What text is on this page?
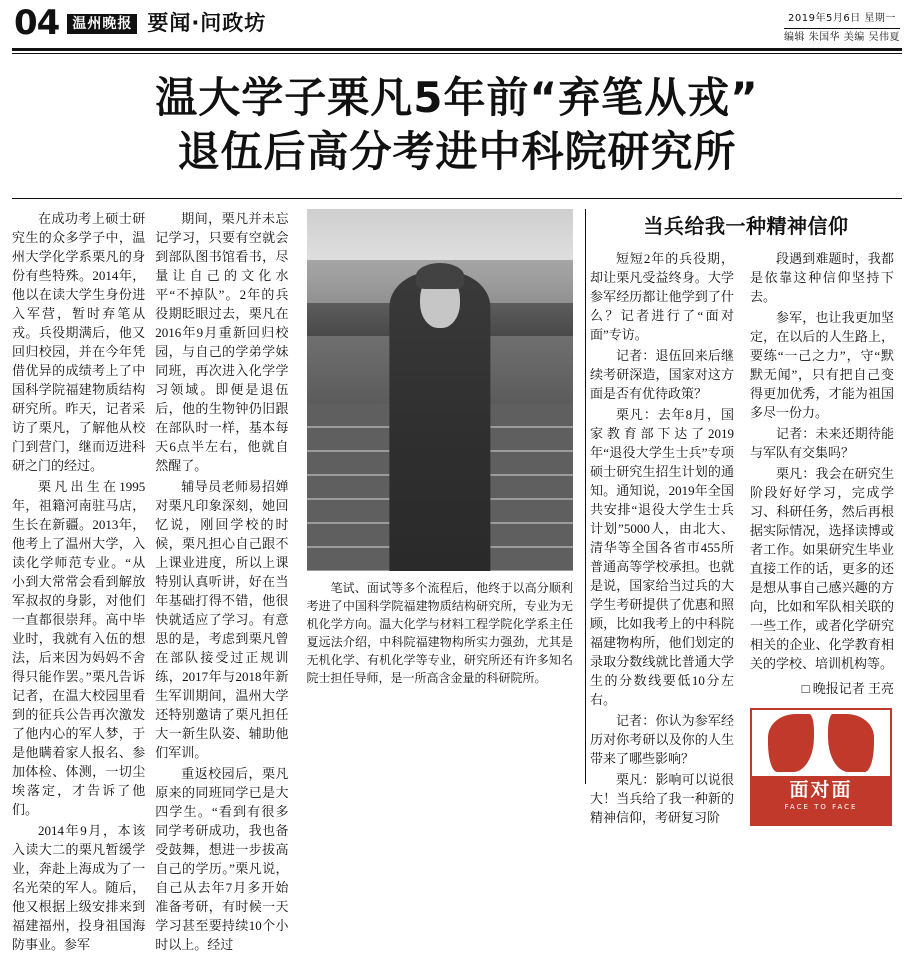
04 温州晚报 要闻·问政坊	2019年5月6日 星期一
编辑 朱国华 美编 吴伟夏
温大学子栗凡5年前“弃笔从戎”
退伍后高分考进中科院研究所

在成功考上硕士研究生的众多学子中，温州大学化学系栗凡的身份有些特殊。2014年，他以在读大学生身份进入军营，暂时弃笔从戎。兵役期满后，他又回归校园，并在今年凭借优异的成绩考上了中国科学院福建物质结构研究所。昨天，记者采访了栗凡，了解他从校门到营门，继而迈进科研之门的经过。

栗凡出生在1995年，祖籍河南驻马店，生长在新疆。2013年，他考上了温州大学，入读化学师范专业。“从小到大常常会看到解放军叔叔的身影，对他们一直都很崇拜。高中毕业时，我就有入伍的想法，后来因为妈妈不舍得只能作罢。”栗凡告诉记者，在温大校园里看到的征兵公告再次激发了他内心的军人梦，于是他瞒着家人报名、参加体检、体测，一切尘埃落定，才告诉了他们。

2014年9月，本该入读大二的栗凡暂缓学业，奔赴上海成为了一名光荣的军人。随后，他又根据上级安排来到福建福州，投身祖国海防事业。参军

期间，栗凡并未忘记学习，只要有空就会到部队图书馆看书，尽量让自己的文化水平“不掉队”。2年的兵役期眨眼过去，栗凡在2016年9月重新回归校园，与自己的学弟学妹同班，再次进入化学学习领域。即便是退伍后，他的生物钟仍旧跟在部队时一样，基本每天6点半左右，他就自然醒了。

辅导员老师易招婵对栗凡印象深刻，她回忆说，刚回学校的时候，栗凡担心自己跟不上课业进度，所以上课特别认真听讲，好在当年基础打得不错，他很快就适应了学习。有意思的是，考虑到栗凡曾在部队接受过正规训练，2017年与2018年新生军训期间，温州大学还特别邀请了栗凡担任大一新生队姿、辅助他们军训。

重返校园后，栗凡原来的同班同学已是大四学生。“看到有很多同学考研成功，我也备受鼓舞，想进一步拔高自己的学历。”栗凡说，自己从去年7月多开始准备考研，有时候一天学习甚至要持续10个小时以上。经过

笔试、面试等多个流程后，他终于以高分顺利考进了中国科学院福建物质结构研究所，专业为无机化学方向。温大化学与材料工程学院化学系主任夏远法介绍，中科院福建物构所实力强劲，尤其是无机化学、有机化学等专业，研究所还有许多知名院士担任导师，是一所高含金量的科研院所。

当兵给我一种精神信仰

短短2年的兵役期，却让栗凡受益终身。大学参军经历都让他学到了什么？记者进行了“面对面”专访。

记者：退伍回来后继续考研深造，国家对这方面是否有优待政策？

栗凡：去年8月，国家教育部下达了2019年“退役大学生士兵”专项硕士研究生招生计划的通知。通知说，2019年全国共安排“退役大学生士兵计划”5000人，由北大、清华等全国各省市455所普通高等学校承担。也就是说，国家给当过兵的大学生考研提供了优惠和照顾，比如我考上的中科院福建物构所，他们划定的录取分数线就比普通大学生的分数线要低10分左右。

记者：你认为参军经历对你考研以及你的人生带来了哪些影响？

栗凡：影响可以说很大！当兵给了我一种新的精神信仰，考研复习阶

段遇到难题时，我都是依靠这种信仰坚持下去。

参军，也让我更加坚定，在以后的人生路上，要练“一己之力”，守“默默无闻”，只有把自己变得更加优秀，才能为祖国多尽一份力。

记者：未来还期待能与军队有交集吗？

栗凡：我会在研究生阶段好好学习，完成学习、科研任务，然后再根据实际情况，选择读博或者工作。如果研究生毕业直接工作的话，更多的还是想从事自己感兴趣的方向，比如和军队相关联的一些工作，或者化学研究相关的企业、化学教育相关的学校、培训机构等。

□ 晚报记者 王亮
面对面
FACE TO FACE
